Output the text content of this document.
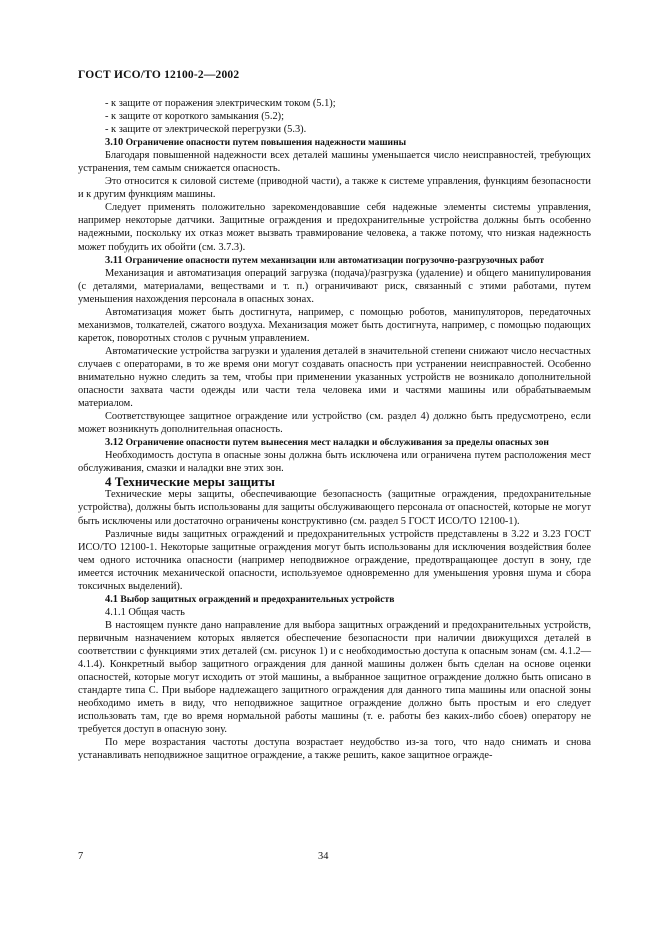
ГОСТ ИСО/ТО 12100-2—2002

- к защите от поражения электрическим током (5.1);

- к защите от короткого замыкания (5.2);

- к защите от электрической перегрузки (5.3).

3.10 Ограничение опасности путем повышения надежности машины

Благодаря повышенной надежности всех деталей машины уменьшается число неисправностей, требующих устранения, тем самым снижается опасность.

Это относится к силовой системе (приводной части), а также к системе управления, функциям безопасности и к другим функциям машины.

Следует применять положительно зарекомендовавшие себя надежные элементы системы управления, например некоторые датчики. Защитные ограждения и предохранительные устройства должны быть особенно надежными, поскольку их отказ может вызвать травмирование человека, а также потому, что низкая надежность может побудить их обойти (см. 3.7.3).

3.11 Ограничение опасности путем механизации или автоматизации погрузочно-разгрузочных работ

Механизация и автоматизация операций загрузка (подача)/разгрузка (удаление) и общего манипулирования (с деталями, материалами, веществами и т. п.) ограничивают риск, связанный с этими работами, путем уменьшения нахождения персонала в опасных зонах.

Автоматизация может быть достигнута, например, с помощью роботов, манипуляторов, передаточных механизмов, толкателей, сжатого воздуха. Механизация может быть достигнута, например, с помощью подающих кареток, поворотных столов с ручным управлением.

Автоматические устройства загрузки и удаления деталей в значительной степени снижают число несчастных случаев с операторами, в то же время они могут создавать опасность при устранении неисправностей. Особенно внимательно нужно следить за тем, чтобы при применении указанных устройств не возникало дополнительной опасности захвата части одежды или части тела человека ими и частями машины или обрабатываемым материалом.

Соответствующее защитное ограждение или устройство (см. раздел 4) должно быть предусмотрено, если может возникнуть дополнительная опасность.

3.12 Ограничение опасности путем вынесения мест наладки и обслуживания за пределы опасных зон

Необходимость доступа в опасные зоны должна быть исключена или ограничена путем расположения мест обслуживания, смазки и наладки вне этих зон.

4 Технические меры защиты

Технические меры защиты, обеспечивающие безопасность (защитные ограждения, предохранительные устройства), должны быть использованы для защиты обслуживающего персонала от опасностей, которые не могут быть исключены или достаточно ограничены конструктивно (см. раздел 5 ГОСТ ИСО/ТО 12100-1).

Различные виды защитных ограждений и предохранительных устройств представлены в 3.22 и 3.23 ГОСТ ИСО/ТО 12100-1. Некоторые защитные ограждения могут быть использованы для исключения воздействия более чем одного источника опасности (например неподвижное ограждение, предотвращающее доступ в зону, где имеется источник механической опасности, используемое одновременно для уменьшения уровня шума и сбора токсичных выделений).

4.1 Выбор защитных ограждений и предохранительных устройств

4.1.1 Общая часть

В настоящем пункте дано направление для выбора защитных ограждений и предохранительных устройств, первичным назначением которых является обеспечение безопасности при наличии движущихся деталей в соответствии с функциями этих деталей (см. рисунок 1) и с необходимостью доступа к опасным зонам (см. 4.1.2—4.1.4). Конкретный выбор защитного ограждения для данной машины должен быть сделан на основе оценки опасностей, которые могут исходить от этой машины, а выбранное защитное ограждение должно быть описано в стандарте типа С. При выборе надлежащего защитного ограждения для данного типа машины или опасной зоны необходимо иметь в виду, что неподвижное защитное ограждение должно быть простым и его следует использовать там, где во время нормальной работы машины (т. е. работы без каких-либо сбоев) оператору не требуется доступ в опасную зону.

По мере возрастания частоты доступа возрастает неудобство из-за того, что надо снимать и снова устанавливать неподвижное защитное ограждение, а также решить, какое защитное огражде-

7	34
